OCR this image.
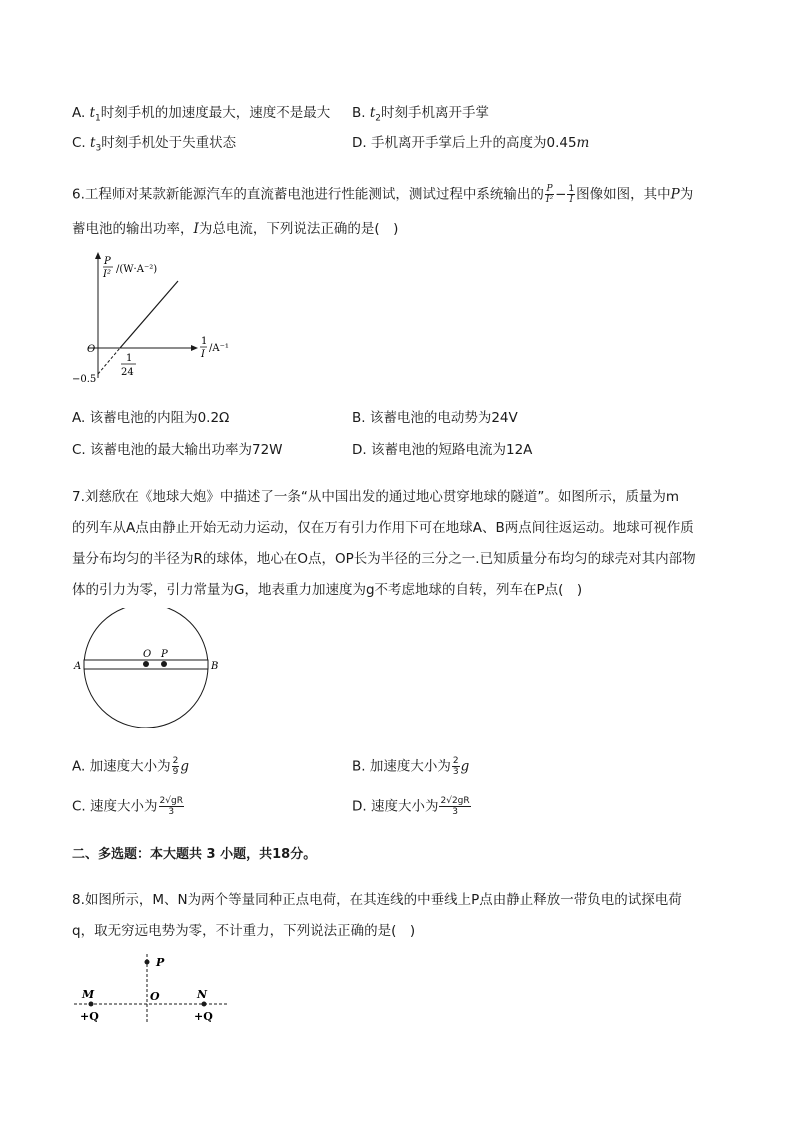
A. $t_1$时刻手机的加速度最大，速度不是最大 B. $t_2$时刻手机离开手掌
C. $t_3$时刻手机处于失重状态	D. 手机离开手掌后上升的高度为0.45m
6.工程师对某款新能源汽车的直流蓄电池进行性能测试，测试过程中系统输出的 $\frac{P}{\text{I²}} - \frac{1}{I}$ 图像如图，其中P为
蓄电池的输出功率，I为总电流，下列说法正确的是(　)
P
I² /(W·A⁻²)
1
I
/A⁻¹
O
−0.5
1
24
A. 该蓄电池的内阻为0.2Ω	B. 该蓄电池的电动势为24V
C. 该蓄电池的最大输出功率为72W	D. 该蓄电池的短路电流为12A
7.刘慈欣在《地球大炮》中描述了一条“从中国出发的通过地心贯穿地球的隧道”。如图所示，质量为m
的列车从A点由静止开始无动力运动，仅在万有引力作用下可在地球A、B两点间往返运动。地球可视作质
量分布均匀的半径为R的球体，地心在O点，OP长为半径的三分之一.已知质量分布均匀的球壳对其内部物
体的引力为零，引力常量为G，地表重力加速度为g不考虑地球的自转，列车在P点(　)
O P
A	B
A. 加速度大小为 $\frac{2}{9}$ g	B. 加速度大小为 $\frac{2}{3}$ g
C. 速度大小为 $\frac{2√gR}{3}$	D. 速度大小为 $\frac{2√2gR}{3}$
二、多选题：本大题共 3 小题，共18分。
8.如图所示，M、N为两个等量同种正点电荷，在其连线的中垂线上P点由静止释放一带负电的试探电荷
q，取无穷远电势为零，不计重力，下列说法正确的是(　)
P
M	O	N
+Q	+Q
